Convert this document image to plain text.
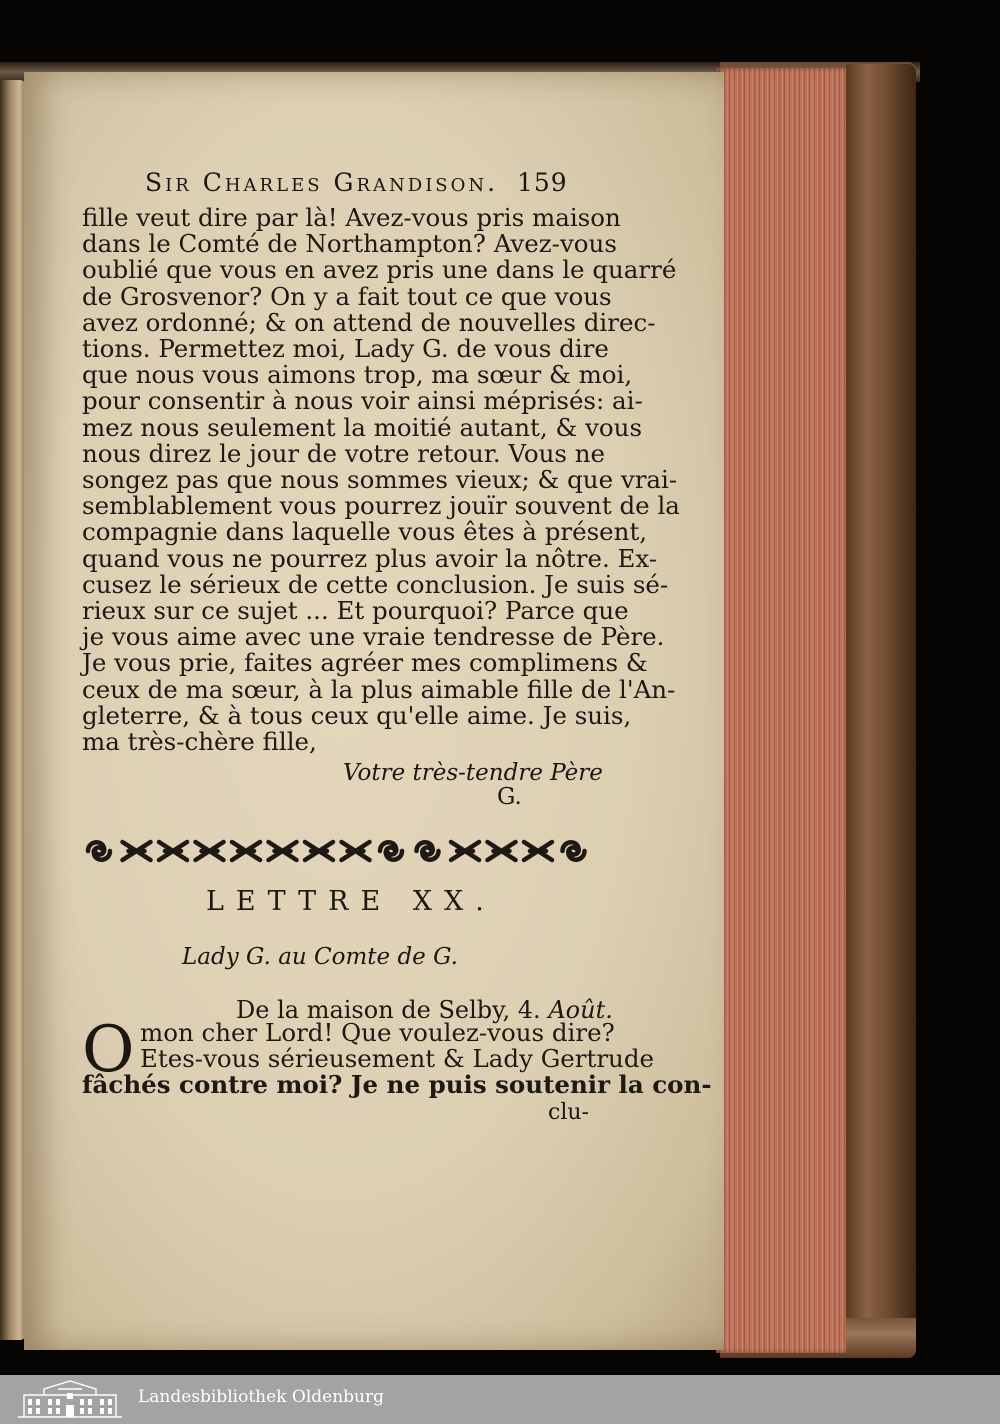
Sir Charles Grandison. 159
fille veut dire par là! Avez-vous pris maison
dans le Comté de Northampton? Avez-vous
oublié que vous en avez pris une dans le quarré
de Grosvenor? On y a fait tout ce que vous
avez ordonné; & on attend de nouvelles direc-
tions. Permettez moi, Lady G. de vous dire
que nous vous aimons trop, ma sœur & moi,
pour consentir à nous voir ainsi méprisés: ai-
mez nous seulement la moitié autant, & vous
nous direz le jour de votre retour. Vous ne
songez pas que nous sommes vieux; & que vrai-
semblablement vous pourrez jouïr souvent de la
compagnie dans laquelle vous êtes à présent,
quand vous ne pourrez plus avoir la nôtre. Ex-
cusez le sérieux de cette conclusion. Je suis sé-
rieux sur ce sujet ... Et pourquoi? Parce que
je vous aime avec une vraie tendresse de Père.
Je vous prie, faites agréer mes complimens &
ceux de ma sœur, à la plus aimable fille de l'An-
gleterre, & à tous ceux qu'elle aime. Je suis,
ma très-chère fille,
Votre très-tendre Père
G.
LETTRE XX.
Lady G. au Comte de G.
De la maison de Selby, 4. Août.
O mon cher Lord! Que voulez-vous dire?
Etes-vous sérieusement & Lady Gertrude
fâchés contre moi? Je ne puis soutenir la con-
clu-
Landesbibliothek Oldenburg
